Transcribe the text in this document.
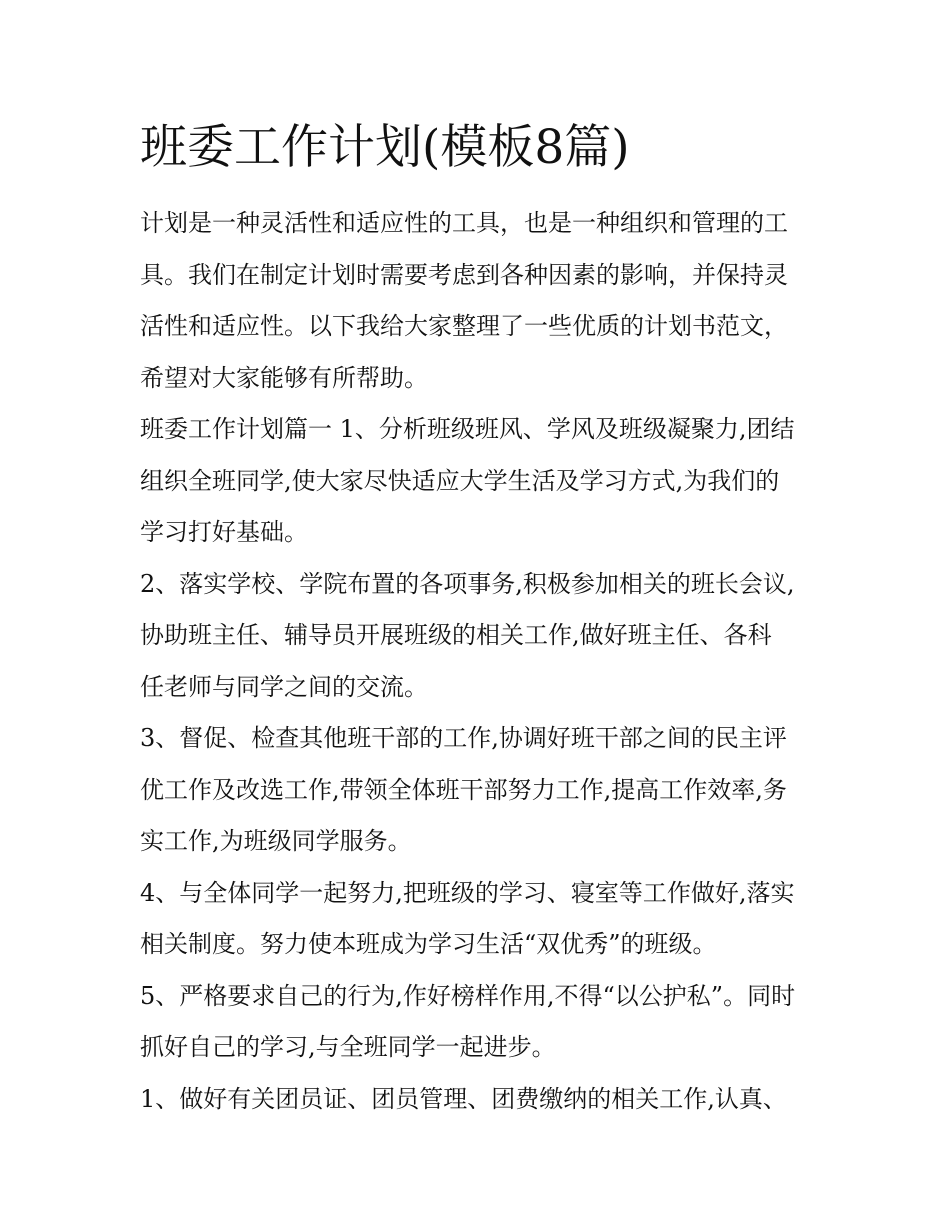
班委工作计划(模板8篇)

计划是一种灵活性和适应性的工具，也是一种组织和管理的工
具。我们在制定计划时需要考虑到各种因素的影响，并保持灵
活性和适应性。以下我给大家整理了一些优质的计划书范文，
希望对大家能够有所帮助。

班委工作计划篇一 1、分析班级班风、学风及班级凝聚力,团结
组织全班同学,使大家尽快适应大学生活及学习方式,为我们的
学习打好基础。

2、落实学校、学院布置的各项事务,积极参加相关的班长会议,
协助班主任、辅导员开展班级的相关工作,做好班主任、各科
任老师与同学之间的交流。

3、督促、检查其他班干部的工作,协调好班干部之间的民主评
优工作及改选工作,带领全体班干部努力工作,提高工作效率,务
实工作,为班级同学服务。

4、与全体同学一起努力,把班级的学习、寝室等工作做好,落实
相关制度。努力使本班成为学习生活“双优秀”的班级。

5、严格要求自己的行为,作好榜样作用,不得“以公护私”。同时
抓好自己的学习,与全班同学一起进步。

1、做好有关团员证、团员管理、团费缴纳的相关工作,认真、
